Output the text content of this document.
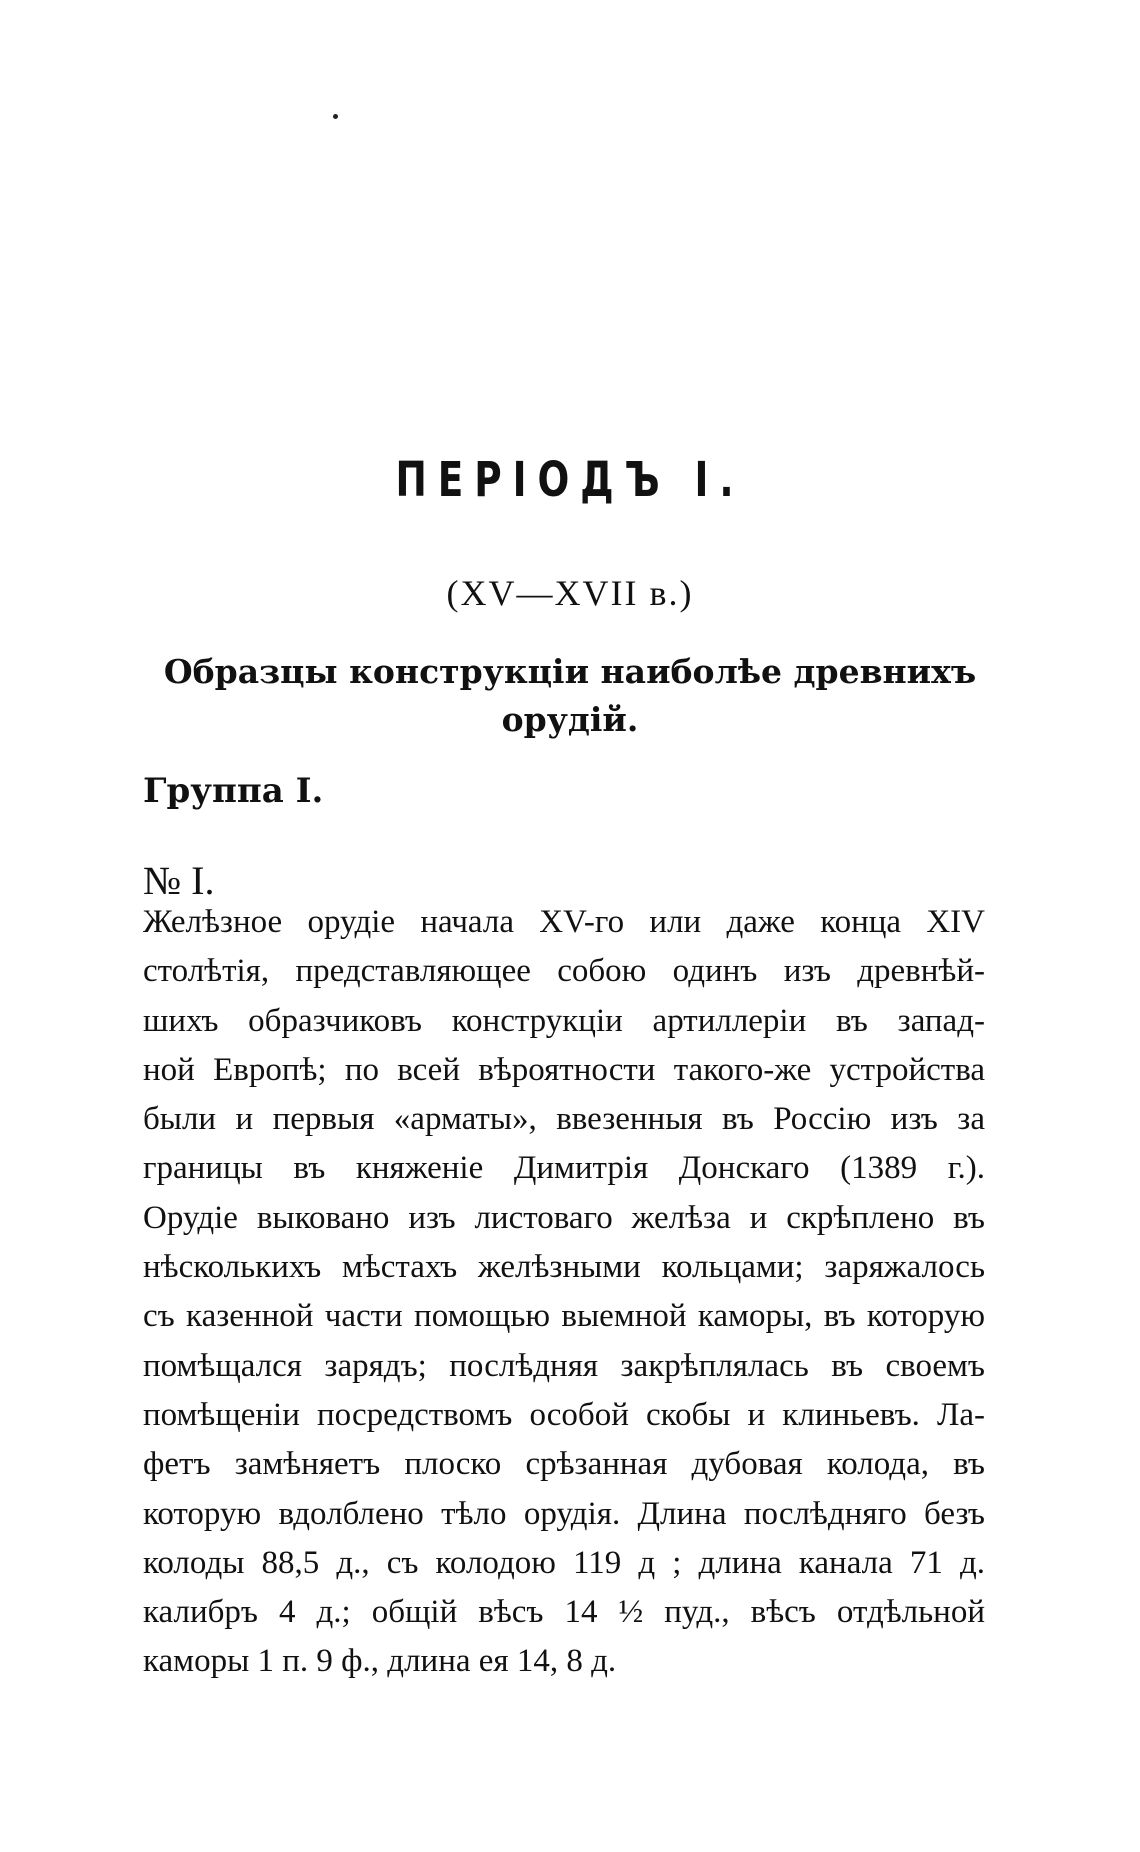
ПЕРІОДЪ I.
(XV—XVII в.)
Образцы конструкціи наиболѣе древнихъ
орудій.
Группа I.
№ I.
Желѣзное орудіе начала XV-го или даже конца XIV
столѣтія, представляющее собою одинъ изъ древнѣй-
шихъ образчиковъ конструкціи артиллеріи въ запад-
ной Европѣ; по всей вѣроятности такого-же устройства
были и первыя «арматы», ввезенныя въ Россію изъ за
границы въ княженіе Димитрія Донскаго (1389 г.).
Орудіе выковано изъ листоваго желѣза и скрѣплено въ
нѣсколькихъ мѣстахъ желѣзными кольцами; заряжалось
съ казенной части помощью выемной каморы, въ которую
помѣщался зарядъ; послѣдняя закрѣплялась въ своемъ
помѣщеніи посредствомъ особой скобы и клиньевъ. Ла-
фетъ замѣняетъ плоско срѣзанная дубовая колода, въ
которую вдолблено тѣло орудія. Длина послѣдняго безъ
колоды 88,5 д., съ колодою 119 д ; длина канала 71 д.
калибръ 4 д.; общій вѣсъ 14 ½ пуд., вѣсъ отдѣльной
каморы 1 п. 9 ф., длина ея 14, 8 д.
